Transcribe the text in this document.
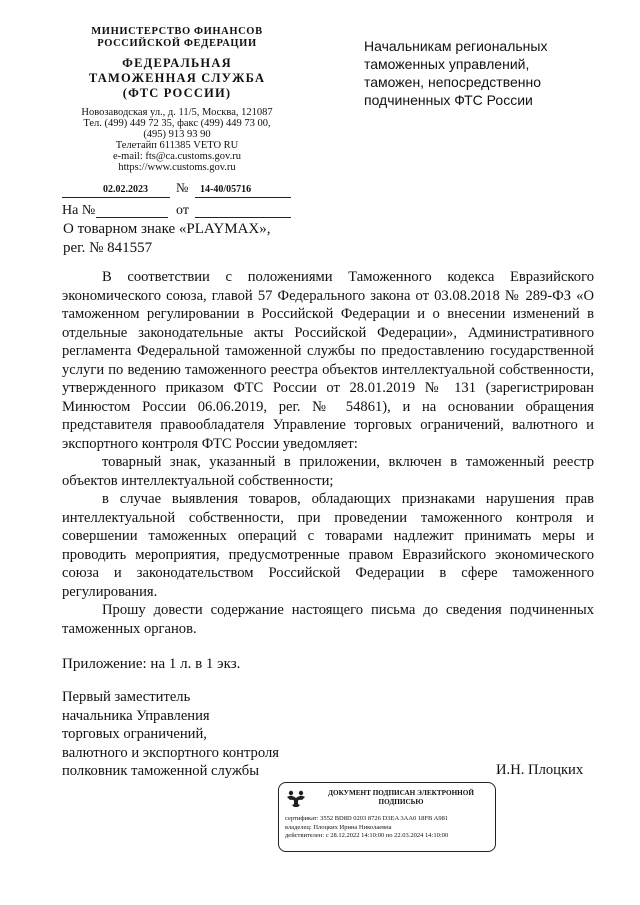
МИНИСТЕРСТВО ФИНАНСОВ
РОССИЙСКОЙ ФЕДЕРАЦИИ
ФЕДЕРАЛЬНАЯ
ТАМОЖЕННАЯ СЛУЖБА
(ФТС РОССИИ)
Новозаводская ул., д. 11/5, Москва, 121087
Тел. (499) 449 72 35, факс (499) 449 73 00,
(495) 913 93 90
Телетайп 611385 VETO RU
e-mail: fts@ca.customs.gov.ru
https://www.customs.gov.ru
Начальникам региональных
таможенных управлений,
таможен, непосредственно
подчиненных ФТС России
02.02.2023 № 14-40/05716
На №	от
О товарном знаке «PLAYMAX»,
рег. № 841557

В соответствии с положениями Таможенного кодекса Евразийского экономического союза, главой 57 Федерального закона от 03.08.2018 № 289-ФЗ «О таможенном регулировании в Российской Федерации и о внесении изменений в отдельные законодательные акты Российской Федерации», Административного регламента Федеральной таможенной службы по предоставлению государственной услуги по ведению таможенного реестра объектов интеллектуальной собственности, утвержденного приказом ФТС России от 28.01.2019 № 131 (зарегистрирован Минюстом России 06.06.2019, рег. № 54861), и на основании обращения представителя правообладателя Управление торговых ограничений, валютного и экспортного контроля ФТС России уведомляет:

товарный знак, указанный в приложении, включен в таможенный реестр объектов интеллектуальной собственности;

в случае выявления товаров, обладающих признаками нарушения прав интеллектуальной собственности, при проведении таможенного контроля и совершении таможенных операций с товарами надлежит принимать меры и проводить мероприятия, предусмотренные правом Евразийского экономического союза и законодательством Российской Федерации в сфере таможенного регулирования.

Прошу довести содержание настоящего письма до сведения подчиненных таможенных органов.

Приложение: на 1 л. в 1 экз.
Первый заместитель
начальника Управления
торговых ограничений,
валютного и экспортного контроля
полковник таможенной службы	И.Н. Плоцких
ДОКУМЕНТ ПОДПИСАН ЭЛЕКТРОННОЙ
ПОДПИСЬЮ
сертификат: 3552 BD8D 0203 8726 D3EA 3AA0 18FB A981
владелец: Плоцких Ирина Николаевна
действителен: с 28.12.2022 14:10:00 по 22.03.2024 14:10:00
